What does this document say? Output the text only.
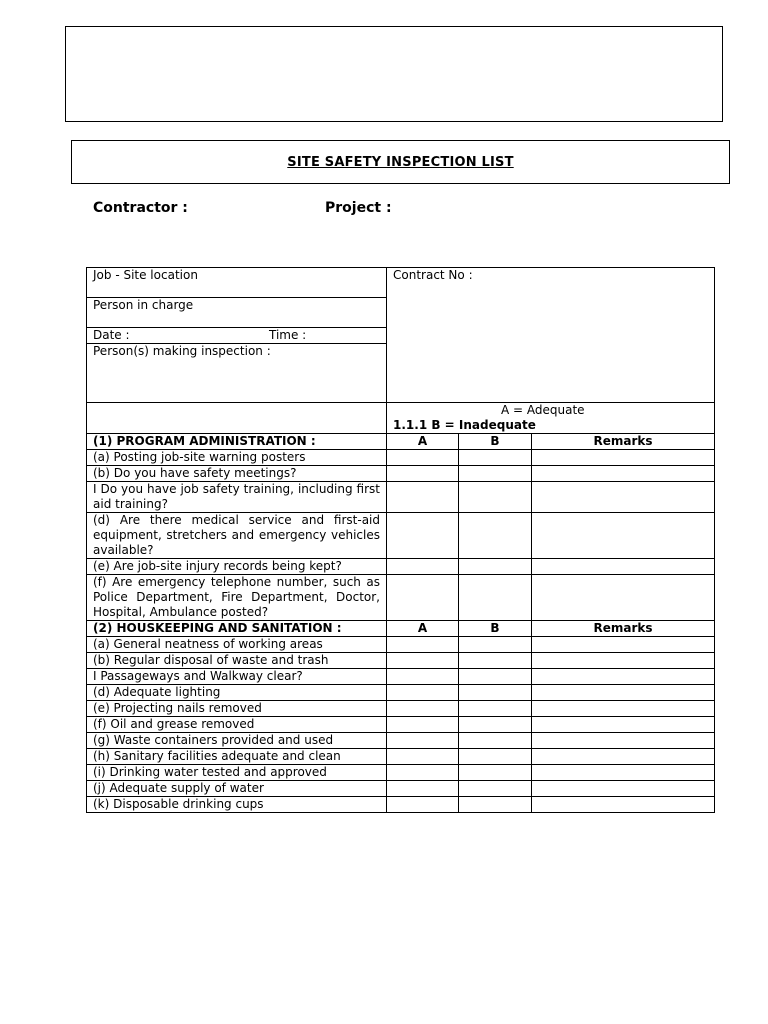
SITE SAFETY INSPECTION LIST
Contractor :	Project :
Job - Site location	Contract No :		
Person in charge			
Date : Time :			
Person(s) making inspection :			

	A = Adequate
1.1.1 B = Inadequate		

(1) PROGRAM ADMINISTRATION :	A	B	Remarks
(a) Posting job-site warning posters			
(b) Do you have safety meetings?			
I Do you have job safety training, including first aid training?			
(d) Are there medical service and first-aid equipment, stretchers and emergency vehicles available?			
(e) Are job-site injury records being kept?			
(f) Are emergency telephone number, such as Police Department, Fire Department, Doctor, Hospital, Ambulance posted?			
(2) HOUSKEEPING AND SANITATION :	A	B	Remarks
(a) General neatness of working areas			
(b) Regular disposal of waste and trash			
I Passageways and Walkway clear?			
(d) Adequate lighting			
(e) Projecting nails removed			
(f) Oil and grease removed			
(g) Waste containers provided and used			
(h) Sanitary facilities adequate and clean			
(i) Drinking water tested and approved			
(j) Adequate supply of water			
(k) Disposable drinking cups			
